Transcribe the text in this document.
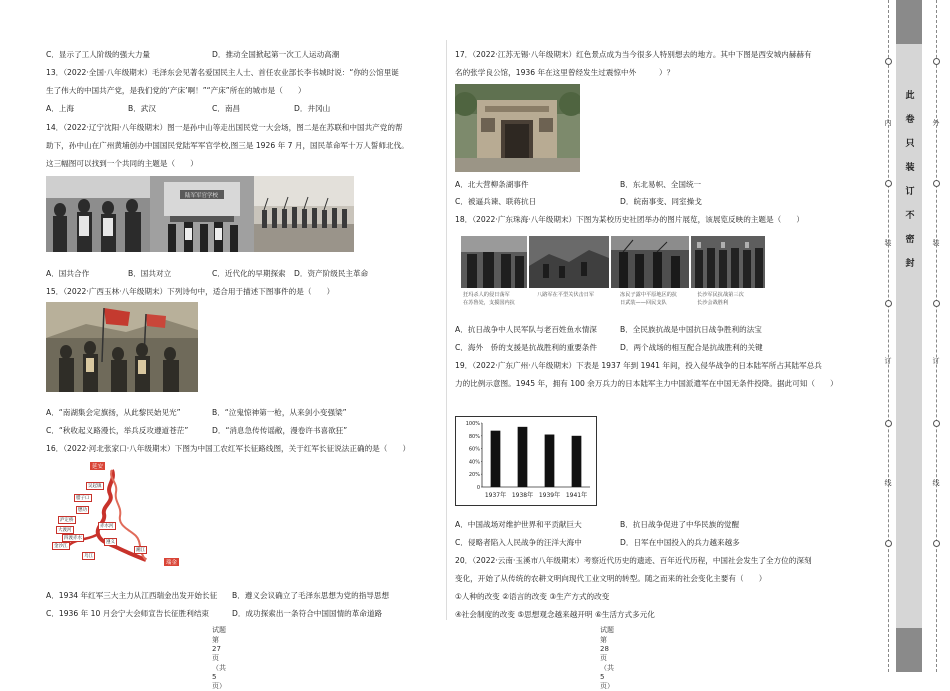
C．显示了工人阶级的强大力量	D．推动全国掀起第一次工人运动高潮
13．（2022·全国·八年级期末）毛泽东会见著名爱国民主人士、首任农业部长李书城时说：“你的公馆里诞
生了伟大的中国共产党，是我们党的‘产床’啊！”“产床”所在的城市是（　　）
A．上海	B．武汉	C．南昌	D．井冈山
14．（2022·辽宁沈阳·八年级期末）图一是孙中山等走出国民党一大会场，图二是在苏联和中国共产党的帮
助下，孙中山在广州黄埔创办中国国民党陆军军官学校,图三是 1926 年 7 月，国民革命军十万人誓师北伐。
这三幅图可以找到一个共同的主题是（　　）
陆军军官学校
A．国共合作	B．国共对立	C．近代化的早期探索 D．资产阶级民主革命
15．（2022·广西玉林·八年级期末）下列诗句中，适合用于描述下图事件的是（　　）
A．“南湖集会定旗扬，从此黎民始见光”	B．“泣鬼惊神第一枪，从来剑小变强梁”
C．“秋收起义路漫长，举兵反攻遵道苍茫”	D．“消息急传传谣敝，漫卷许书喜欲狂”
16．（2022·河北张家口·八年级期末）下图为中国工农红军长征路线图，关于红军长征说法正确的是（　　）
延安
瑞金
吴起镇
腊子口
泸定桥
遵义
湘江
大渡河
金沙江
赤水河
四渡赤水
乌江
懋功
A．1934 年红军三大主力从江西瑞金出发开始长征 B．遵义会议确立了毛泽东思想为党的指导思想
C．1936 年 10 月会宁大会师宣告长征胜利结束	D．成功探索出一条符合中国国情的革命道路
试题　第 27 页（共 5 页）
17．（2022·江苏无锡·八年级期末）红色景点成为当今很多人特别想去的地方。其中下图是西安城内赫赫有
名的张学良公馆，1936 年在这里曾经发生过震惊中外　　　）？
A．北大营柳条湖事件	B．东北易帜、全国统一
C．被逼兵谏、联蒋抗日	D．皖南事变、同室操戈
18．（2022·广东珠海·八年级期末）下图为某校历史社团举办的图片展览，该展览反映的主题是（　　）
狂玛杀人的侵日荡军
在苏鲁处，支援国内抗
八路军在平型关伏击日军	冻民子露中平原地区的抗
日武装——回民支队
长沙军民抗战第三次
长沙会战胜利
A．抗日战争中人民军队与老百姓鱼水情深	B．全民族抗战是中国抗日战争胜利的法宝
C．海外　侨的支援是抗战胜利的重要条件	D．两个战场的相互配合是抗战胜利的关键
19．（2022·广东广州·八年级期末）下表是 1937 年到 1941 年间，投入侵华战争的日本陆军所占其陆军总兵
力的比例示意图。1945 年，拥有 100 余万兵力的日本陆军主力中国派遣军在中国无条件投降。据此可知（　　）
100%
80%
60%
40%
20%
0
1937年 1938年 1939年 1941年
A．中国战场对维护世界和平贡献巨大	B．抗日战争促进了中华民族的觉醒
C．侵略者陷入人民战争的汪洋大海中	D．日军在中国投入的兵力越来越多
20．（2022·云南·玉溪市八年级期末）考察近代历史的遗迹、百年近代历程，中国社会发生了全方位的深刻
变化，开始了从传统的农耕文明向现代工业文明的转型。随之而来的社会变化主要有（　　）
①人种的改变 ②语言的改变 ③生产方式的改变
④社会制度的改变 ⑤思想观念越来越开明 ⑥生活方式多元化
试题　第 28 页（共 5 页）
此
卷
只
装
订
不
密
封
内
装
订
线
外
装
订
线
